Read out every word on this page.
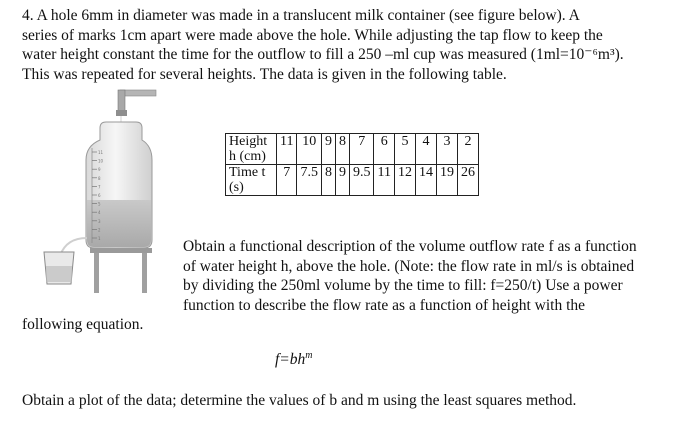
4. A hole 6mm in diameter was made in a translucent milk container (see figure below). A
series of marks 1cm apart were made above the hole. While adjusting the tap flow to keep the
water height constant the time for the outflow to fill a 250 –ml cup was measured (1ml=10⁻⁶m³).
This was repeated for several heights. The data is given in the following table.
11
10
9
8
7
6
5
4
3
2
1
Height
h (cm)	11	10	9	8	7	6	5	4	3	2

Time t
(s)	7	7.5	8	9	9.5	11	12	14	19	26
Obtain a functional description of the volume outflow rate f as a function
of water height h, above the hole. (Note: the flow rate in ml/s is obtained
by dividing the 250ml volume by the time to fill: f=250/t) Use a power
function to describe the flow rate as a function of height with the
following equation.
$f=bh^m$
Obtain a plot of the data; determine the values of b and m using the least squares method.
